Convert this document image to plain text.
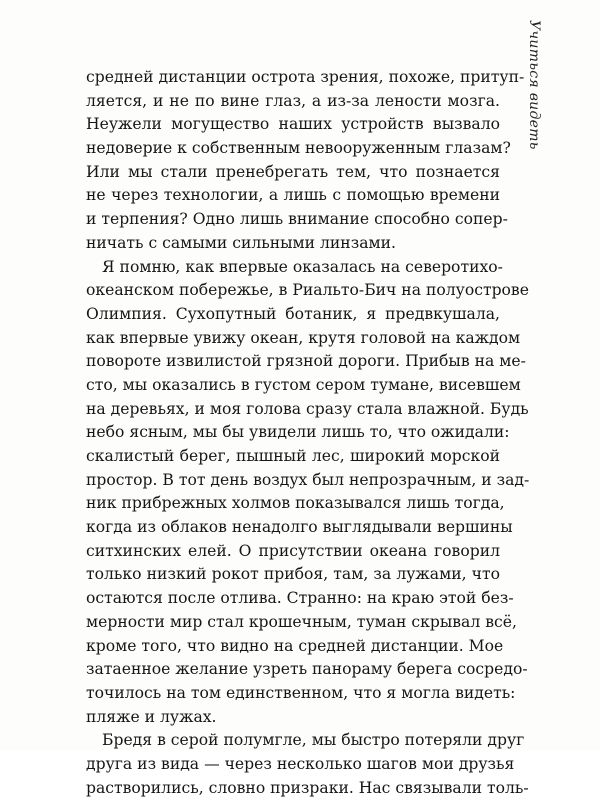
Учиться видеть
средней дистанции острота зрения, похоже, притуп-
ляется, и не по вине глаз, а из-за лености мозга.
Неужели могущество наших устройств вызвало
недоверие к собственным невооруженным глазам?
Или мы стали пренебрегать тем, что познается
не через технологии, а лишь с помощью времени
и терпения? Одно лишь внимание способно сопер-
ничать с самыми сильными линзами.
Я помню, как впервые оказалась на северотихо-
океанском побережье, в Риальто-Бич на полуострове
Олимпия. Сухопутный ботаник, я предвкушала,
как впервые увижу океан, крутя головой на каждом
повороте извилистой грязной дороги. Прибыв на ме-
сто, мы оказались в густом сером тумане, висевшем
на деревьях, и моя голова сразу стала влажной. Будь
небо ясным, мы бы увидели лишь то, что ожидали:
скалистый берег, пышный лес, широкий морской
простор. В тот день воздух был непрозрачным, и зад-
ник прибрежных холмов показывался лишь тогда,
когда из облаков ненадолго выглядывали вершины
ситхинских елей. О присутствии океана говорил
только низкий рокот прибоя, там, за лужами, что
остаются после отлива. Странно: на краю этой без-
мерности мир стал крошечным, туман скрывал всё,
кроме того, что видно на средней дистанции. Мое
затаенное желание узреть панораму берега сосредо-
точилось на том единственном, что я могла видеть:
пляже и лужах.
Бредя в серой полумгле, мы быстро потеряли друг
друга из вида — через несколько шагов мои друзья
растворились, словно призраки. Нас связывали толь-
